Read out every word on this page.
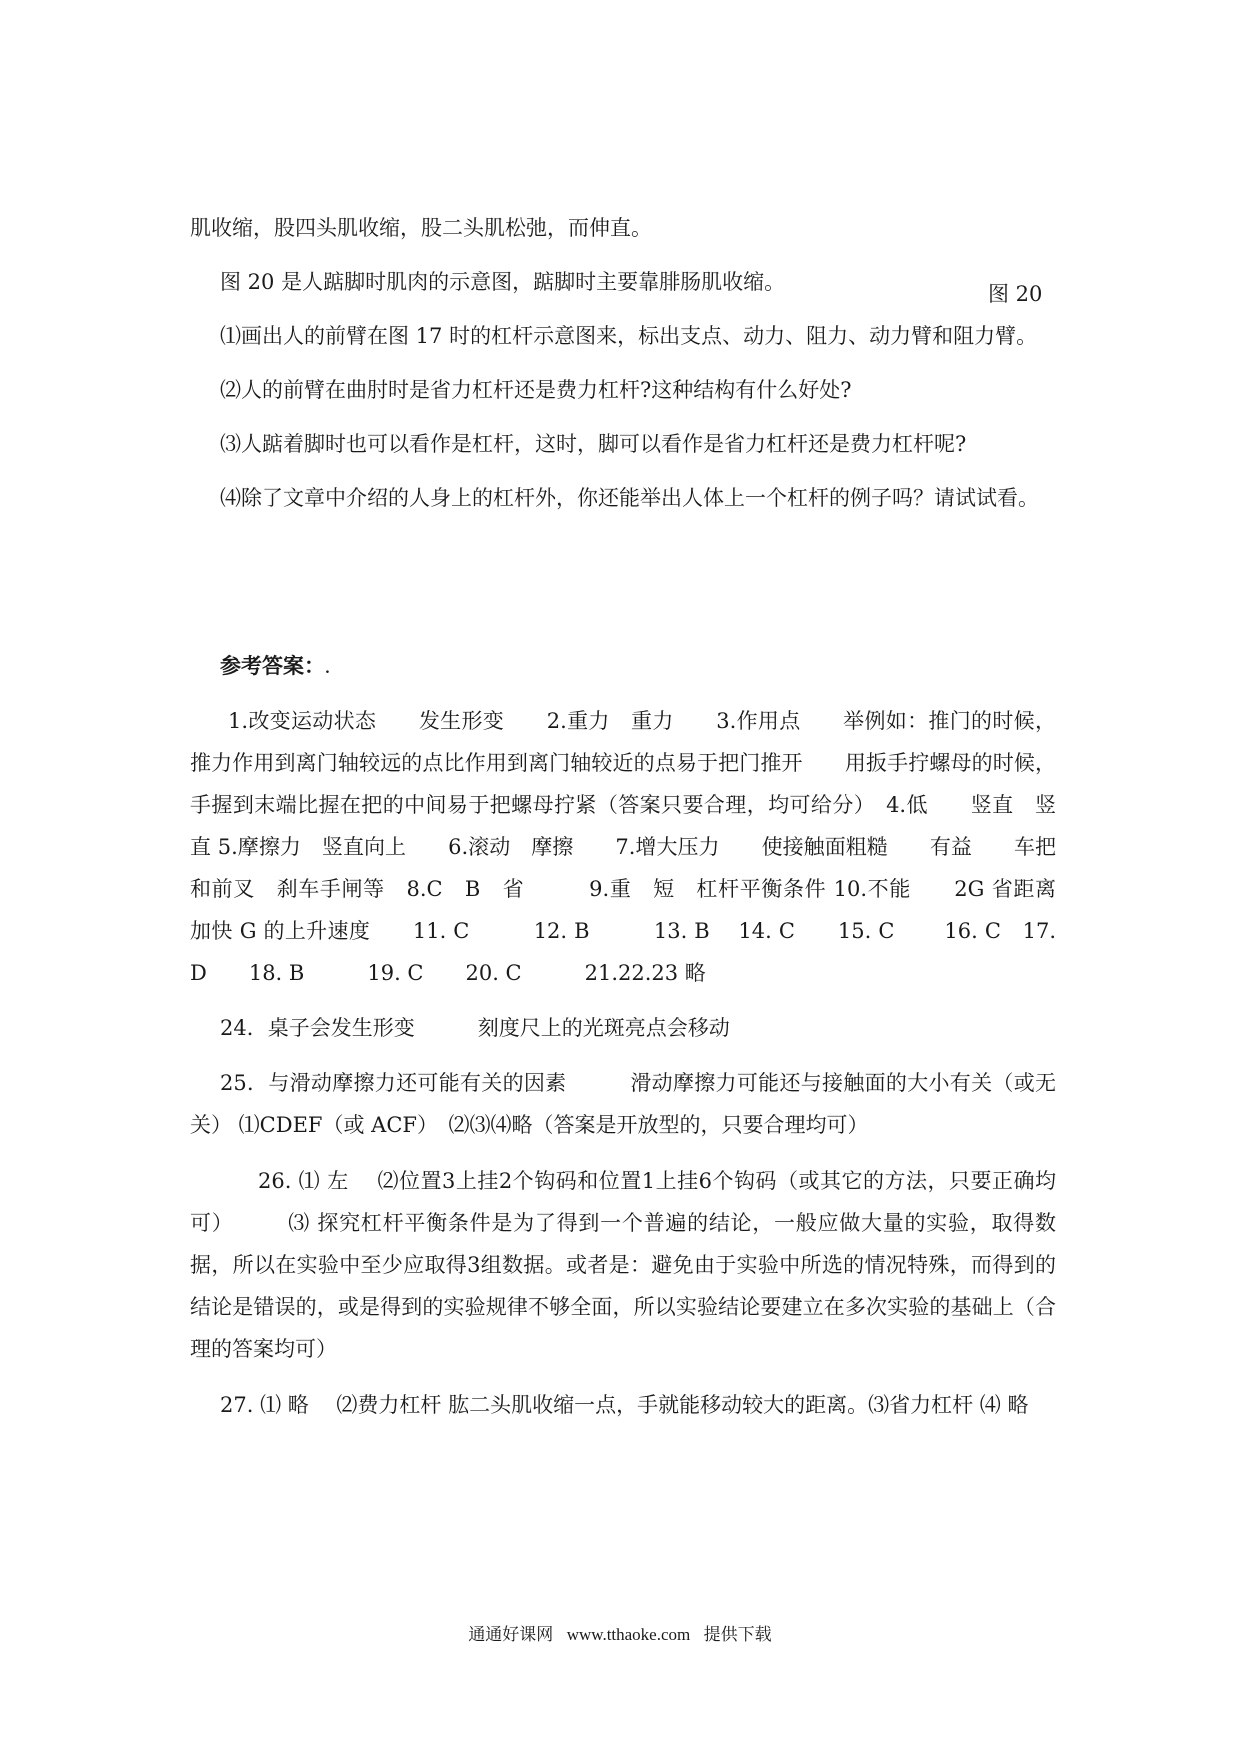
肌收缩，股四头肌收缩，股二头肌松弛，而伸直。
图 20 是人踮脚时肌肉的示意图，踮脚时主要靠腓肠肌收缩。	图 20
⑴画出人的前臂在图 17 时的杠杆示意图来，标出支点、动力、阻力、动力臂和阻力臂。
⑵人的前臂在曲肘时是省力杠杆还是费力杠杆?这种结构有什么好处?
⑶人踮着脚时也可以看作是杠杆，这时，脚可以看作是省力杠杆还是费力杠杆呢?
⑷除了文章中介绍的人身上的杠杆外，你还能举出人体上一个杠杆的例子吗？请试试看。
参考答案：.
1.改变运动状态　　发生形变　　2.重力　重力　　3.作用点　　举例如：推门的时候，推力作用到离门轴较远的点比作用到离门轴较近的点易于把门推开　　用扳手拧螺母的时候，手握到末端比握在把的中间易于把螺母拧紧（答案只要合理，均可给分）　4.低　　竖直　竖直 5.摩擦力　竖直向上　　6.滚动　摩擦　　7.增大压力　　使接触面粗糙　　有益　　车把和前叉　刹车手闸等　8.C　B　省　　　9.重　短　杠杆平衡条件 10.不能　　2G 省距离　　加快 G 的上升速度　　11. C　　　12. B　　　13. B　 14. C　　15. C　　 16. C　17. D　　18. B　　　19. C　　20. C　　　21.22.23 略
24．桌子会发生形变　　　刻度尺上的光斑亮点会移动
25．与滑动摩擦力还可能有关的因素　　　滑动摩擦力可能还与接触面的大小有关（或无关） ⑴CDEF（或 ACF）　⑵⑶⑷略（答案是开放型的，只要合理均可）
26. ⑴ 左　 ⑵位置3上挂2个钩码和位置1上挂6个钩码（或其它的方法，只要正确均可）　　　⑶ 探究杠杆平衡条件是为了得到一个普遍的结论，一般应做大量的实验，取得数据，所以在实验中至少应取得3组数据。或者是：避免由于实验中所选的情况特殊，而得到的结论是错误的，或是得到的实验规律不够全面，所以实验结论要建立在多次实验的基础上（合理的答案均可）
27. ⑴ 略　 ⑵费力杠杆 肱二头肌收缩一点，手就能移动较大的距离。⑶省力杠杆 ⑷ 略
通通好课网 www.tthaoke.com 提供下载
